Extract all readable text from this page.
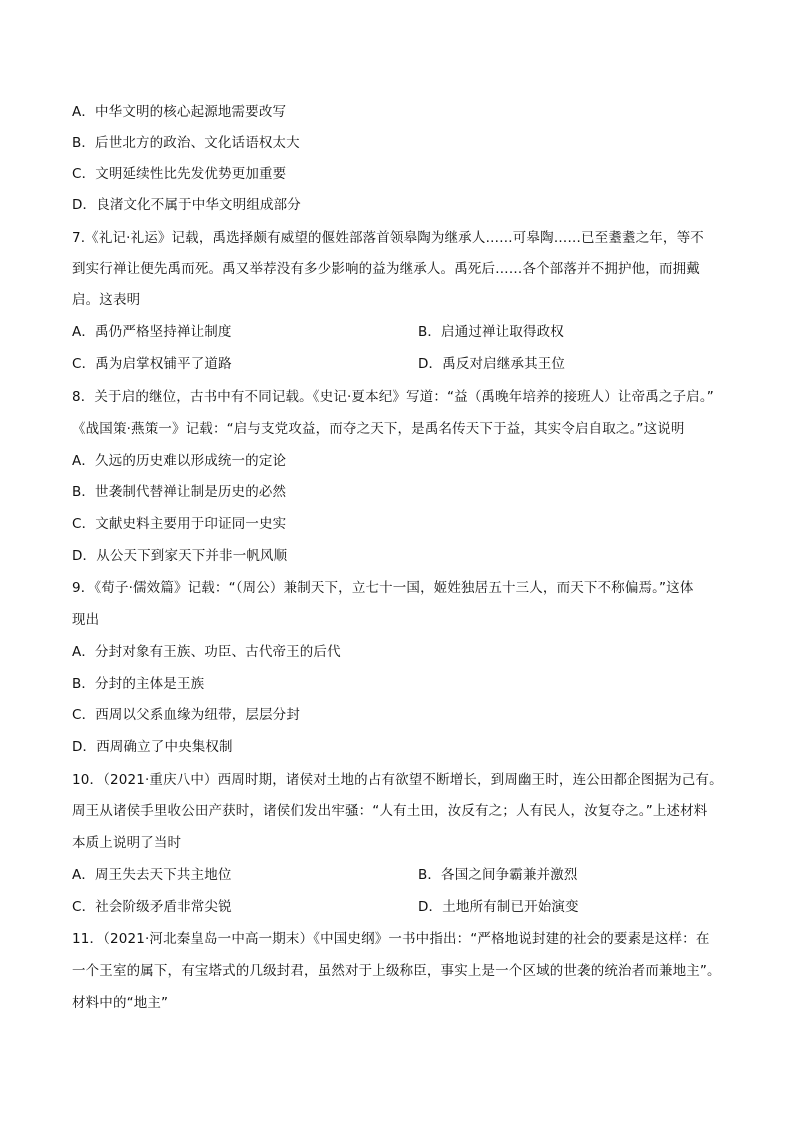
A．中华文明的核心起源地需要改写
B．后世北方的政治、文化话语权太大
C．文明延续性比先发优势更加重要
D．良渚文化不属于中华文明组成部分
7.《礼记·礼运》记载，禹选择颇有威望的偃姓部落首领皋陶为继承人……可皋陶……已至耋耋之年，等不
到实行禅让便先禹而死。禹又举荐没有多少影响的益为继承人。禹死后……各个部落并不拥护他，而拥戴
启。这表明
A．禹仍严格坚持禅让制度	B．启通过禅让取得政权
C．禹为启掌权铺平了道路	D．禹反对启继承其王位
8．关于启的继位，古书中有不同记载。《史记·夏本纪》写道：“益（禹晚年培养的接班人）让帝禹之子启。”
《战国策·燕策一》记载：“启与支党攻益，而夺之天下，是禹名传天下于益，其实令启自取之。”这说明
A．久远的历史难以形成统一的定论
B．世袭制代替禅让制是历史的必然
C．文献史料主要用于印证同一史实
D．从公天下到家天下并非一帆风顺
9．《荀子·儒效篇》记载：“（周公）兼制天下，立七十一国，姬姓独居五十三人，而天下不称偏焉。”这体
现出
A．分封对象有王族、功臣、古代帝王的后代
B．分封的主体是王族
C．西周以父系血缘为纽带，层层分封
D．西周确立了中央集权制
10．（2021·重庆八中）西周时期，诸侯对土地的占有欲望不断增长，到周幽王时，连公田都企图据为己有。
周王从诸侯手里收公田产获时，诸侯们发出牢骚：“人有土田，汝反有之；人有民人，汝复夺之。”上述材料
本质上说明了当时
A．周王失去天下共主地位	B．各国之间争霸兼并激烈
C．社会阶级矛盾非常尖锐	D．土地所有制已开始演变
11．（2021·河北秦皇岛一中高一期末）《中国史纲》一书中指出：“严格地说封建的社会的要素是这样：在
一个王室的属下，有宝塔式的几级封君，虽然对于上级称臣，事实上是一个区域的世袭的统治者而兼地主”。
材料中的“地主”
